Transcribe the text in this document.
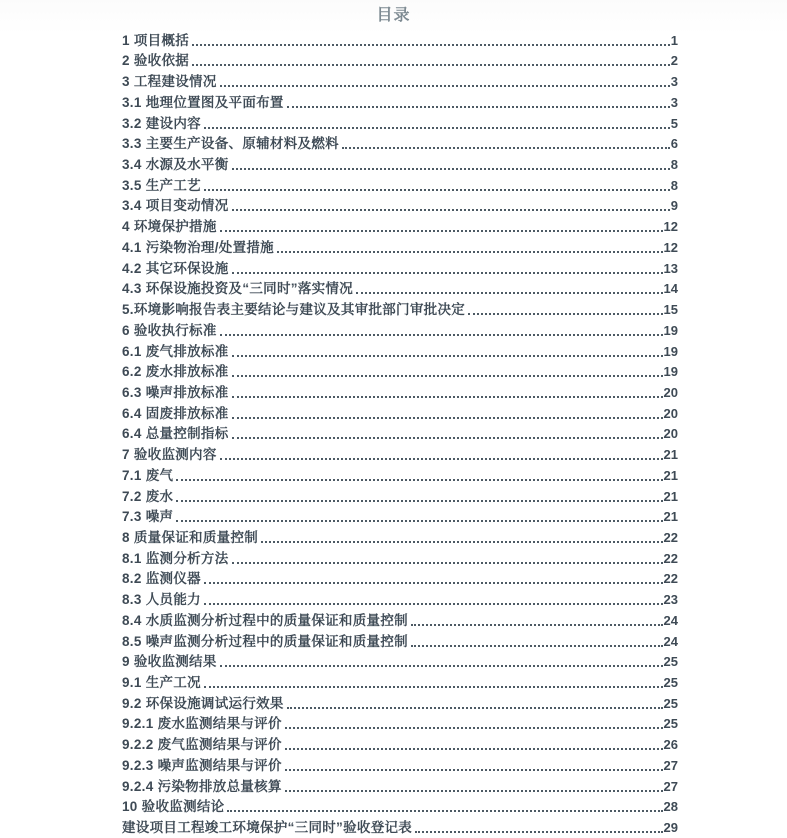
目录
1 项目概括	1
2 验收依据	2
3 工程建设情况	3
3.1 地理位置图及平面布置	3
3.2 建设内容	5
3.3 主要生产设备、原辅材料及燃料	6
3.4 水源及水平衡	8
3.5 生产工艺	8
3.4 项目变动情况	9
4 环境保护措施	12
4.1 污染物治理/处置措施	12
4.2 其它环保设施	13
4.3 环保设施投资及“三同时”落实情况	14
5.环境影响报告表主要结论与建议及其审批部门审批决定	15
6 验收执行标准	19
6.1 废气排放标准	19
6.2 废水排放标准	19
6.3 噪声排放标准	20
6.4 固废排放标准	20
6.4 总量控制指标	20
7 验收监测内容	21
7.1 废气	21
7.2 废水	21
7.3 噪声	21
8 质量保证和质量控制	22
8.1 监测分析方法	22
8.2 监测仪器	22
8.3 人员能力	23
8.4 水质监测分析过程中的质量保证和质量控制	24
8.5 噪声监测分析过程中的质量保证和质量控制	24
9 验收监测结果	25
9.1 生产工况	25
9.2 环保设施调试运行效果	25
9.2.1 废水监测结果与评价	25
9.2.2 废气监测结果与评价	26
9.2.3 噪声监测结果与评价	27
9.2.4 污染物排放总量核算	27
10 验收监测结论	28
建设项目工程竣工环境保护“三同时”验收登记表	29
